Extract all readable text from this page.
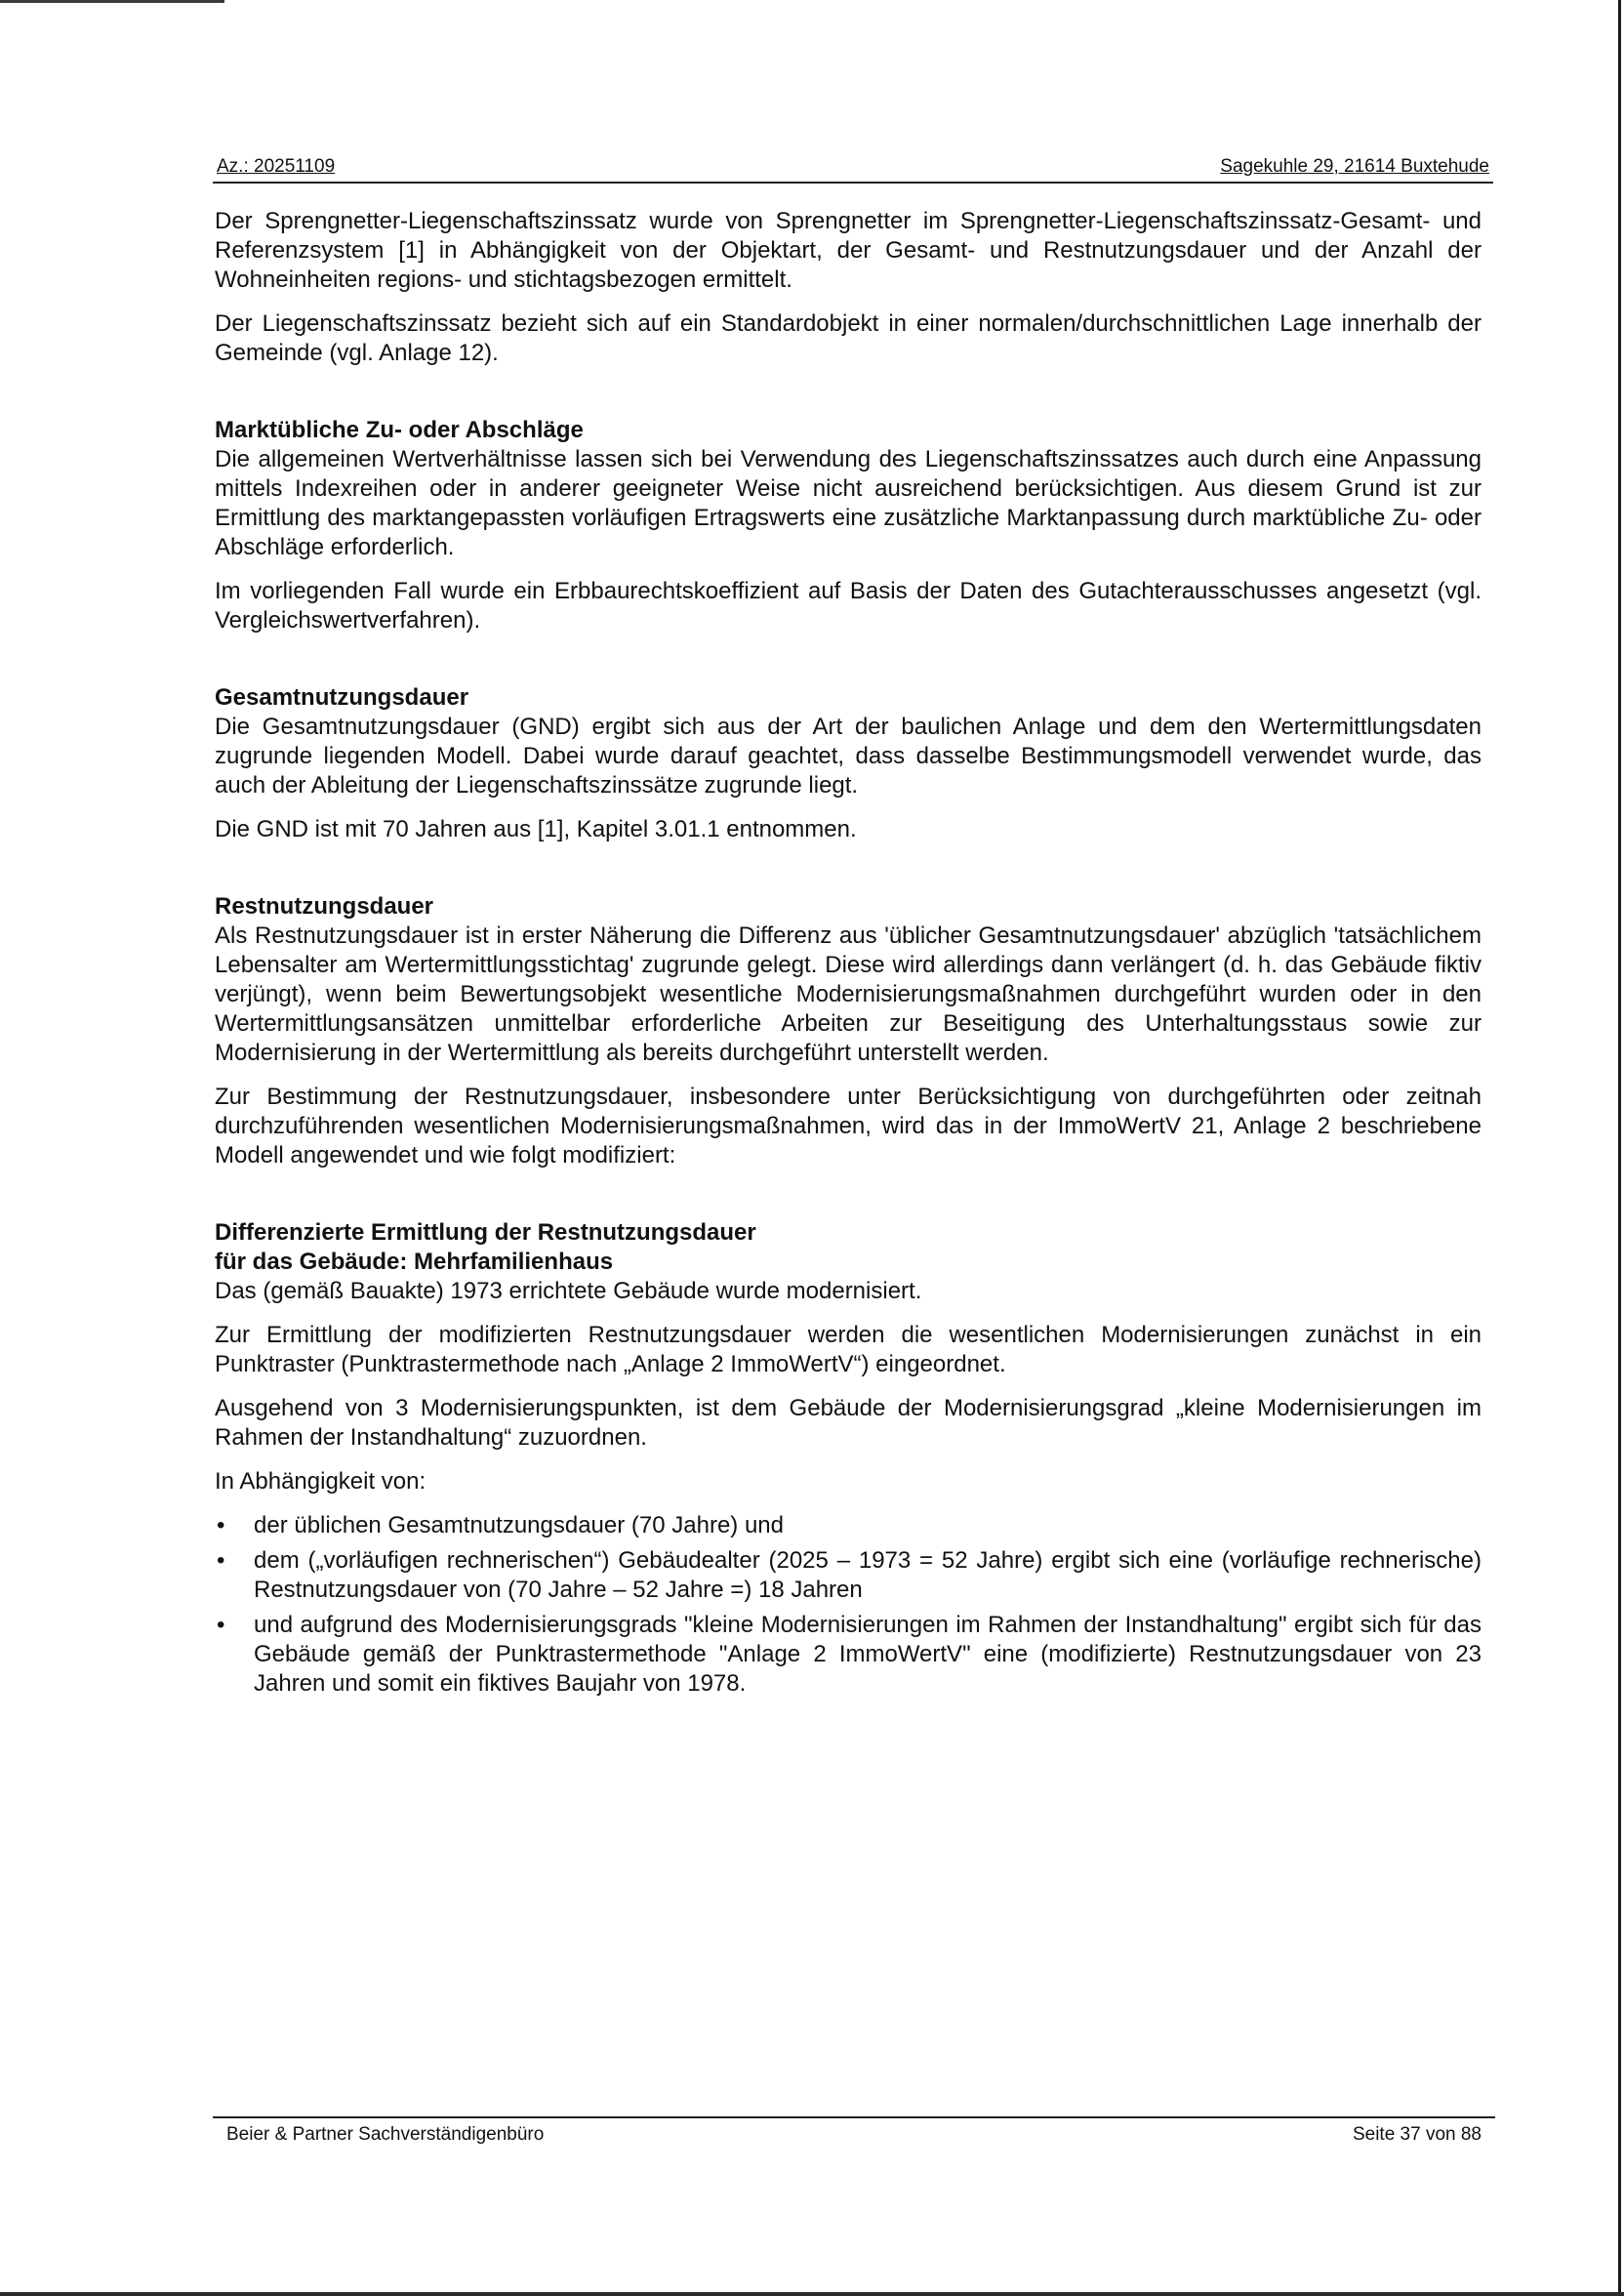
Az.: 20251109	Sagekuhle 29, 21614 Buxtehude

Der Sprengnetter-Liegenschaftszinssatz wurde von Sprengnetter im Sprengnetter-Liegenschaftszinssatz-Gesamt- und Referenzsystem [1] in Abhängigkeit von der Objektart, der Gesamt- und Restnutzungsdauer und der Anzahl der Wohneinheiten regions- und stichtagsbezogen ermittelt.

Der Liegenschaftszinssatz bezieht sich auf ein Standardobjekt in einer normalen/durchschnittlichen Lage innerhalb der Gemeinde (vgl. Anlage 12).

Marktübliche Zu- oder Abschläge

Die allgemeinen Wertverhältnisse lassen sich bei Verwendung des Liegenschaftszinssatzes auch durch eine Anpassung mittels Indexreihen oder in anderer geeigneter Weise nicht ausreichend berücksichtigen. Aus diesem Grund ist zur Ermittlung des marktangepassten vorläufigen Ertragswerts eine zusätzliche Marktanpassung durch marktübliche Zu- oder Abschläge erforderlich.

Im vorliegenden Fall wurde ein Erbbaurechtskoeffizient auf Basis der Daten des Gutachterausschusses angesetzt (vgl. Vergleichswertverfahren).

Gesamtnutzungsdauer

Die Gesamtnutzungsdauer (GND) ergibt sich aus der Art der baulichen Anlage und dem den Wertermittlungsdaten zugrunde liegenden Modell. Dabei wurde darauf geachtet, dass dasselbe Bestimmungsmodell verwendet wurde, das auch der Ableitung der Liegenschaftszinssätze zugrunde liegt.

Die GND ist mit 70 Jahren aus [1], Kapitel 3.01.1 entnommen.

Restnutzungsdauer

Als Restnutzungsdauer ist in erster Näherung die Differenz aus 'üblicher Gesamtnutzungsdauer' abzüglich 'tatsächlichem Lebensalter am Wertermittlungsstichtag' zugrunde gelegt. Diese wird allerdings dann verlängert (d. h. das Gebäude fiktiv verjüngt), wenn beim Bewertungsobjekt wesentliche Modernisierungsmaßnahmen durchgeführt wurden oder in den Wertermittlungsansätzen unmittelbar erforderliche Arbeiten zur Beseitigung des Unterhaltungsstaus sowie zur Modernisierung in der Wertermittlung als bereits durchgeführt unterstellt werden.

Zur Bestimmung der Restnutzungsdauer, insbesondere unter Berücksichtigung von durchgeführten oder zeitnah durchzuführenden wesentlichen Modernisierungsmaßnahmen, wird das in der ImmoWertV 21, Anlage 2 beschriebene Modell angewendet und wie folgt modifiziert:

Differenzierte Ermittlung der Restnutzungsdauer
für das Gebäude: Mehrfamilienhaus

Das (gemäß Bauakte) 1973 errichtete Gebäude wurde modernisiert.

Zur Ermittlung der modifizierten Restnutzungsdauer werden die wesentlichen Modernisierungen zunächst in ein Punktraster (Punktrastermethode nach „Anlage 2 ImmoWertV“) eingeordnet.

Ausgehend von 3 Modernisierungspunkten, ist dem Gebäude der Modernisierungsgrad „kleine Modernisierungen im Rahmen der Instandhaltung“ zuzuordnen.

In Abhängigkeit von:

• der üblichen Gesamtnutzungsdauer (70 Jahre) und
• dem („vorläufigen rechnerischen“) Gebäudealter (2025 – 1973 = 52 Jahre) ergibt sich eine (vorläufige rechnerische) Restnutzungsdauer von (70 Jahre – 52 Jahre =) 18 Jahren
• und aufgrund des Modernisierungsgrads "kleine Modernisierungen im Rahmen der Instandhaltung" ergibt sich für das Gebäude gemäß der Punktrastermethode "Anlage 2 ImmoWertV" eine (modifizierte) Restnutzungsdauer von 23 Jahren und somit ein fiktives Baujahr von 1978.
Beier & Partner Sachverständigenbüro	Seite 37 von 88
